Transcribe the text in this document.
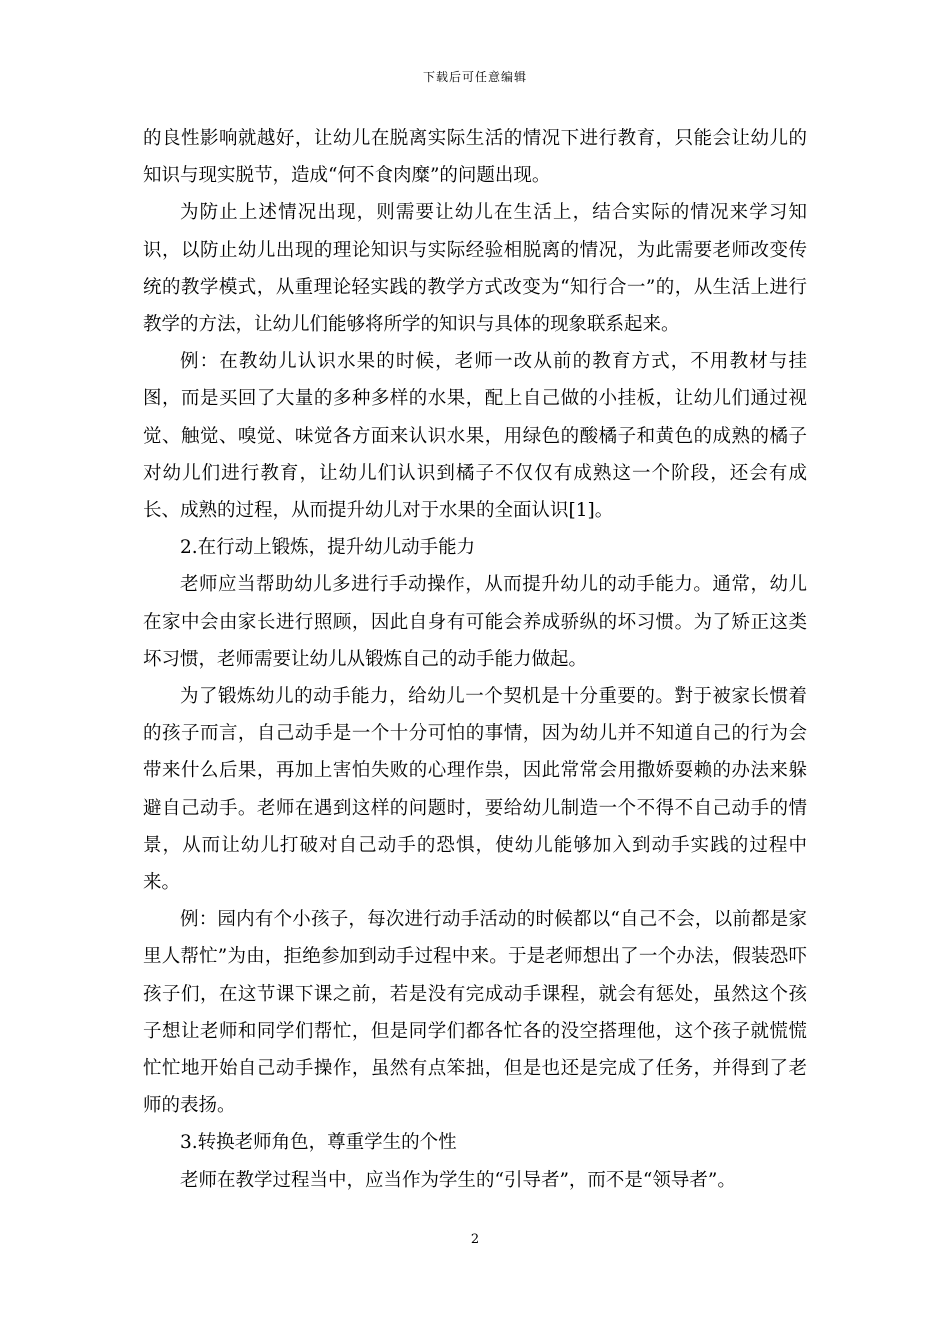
下载后可任意编辑

的良性影响就越好，让幼儿在脱离实际生活的情况下进行教育，只能会让幼儿的知识与现实脱节，造成“何不食肉糜”的问题出现。

为防止上述情况出现，则需要让幼儿在生活上，结合实际的情况来学习知识，以防止幼儿出现的理论知识与实际经验相脱离的情况，为此需要老师改变传统的教学模式，从重理论轻实践的教学方式改变为“知行合一”的，从生活上进行教学的方法，让幼儿们能够将所学的知识与具体的现象联系起来。

例：在教幼儿认识水果的时候，老师一改从前的教育方式，不用教材与挂图，而是买回了大量的多种多样的水果，配上自己做的小挂板，让幼儿们通过视觉、触觉、嗅觉、味觉各方面来认识水果，用绿色的酸橘子和黄色的成熟的橘子对幼儿们进行教育，让幼儿们认识到橘子不仅仅有成熟这一个阶段，还会有成长、成熟的过程，从而提升幼儿对于水果的全面认识[1]。

2.在行动上锻炼，提升幼儿动手能力

老师应当帮助幼儿多进行手动操作，从而提升幼儿的动手能力。通常，幼儿在家中会由家长进行照顾，因此自身有可能会养成骄纵的坏习惯。为了矫正这类坏习惯，老师需要让幼儿从锻炼自己的动手能力做起。

为了锻炼幼儿的动手能力，给幼儿一个契机是十分重要的。對于被家长惯着的孩子而言，自己动手是一个十分可怕的事情，因为幼儿并不知道自己的行为会带来什么后果，再加上害怕失败的心理作祟，因此常常会用撒娇耍赖的办法来躲避自己动手。老师在遇到这样的问题时，要给幼儿制造一个不得不自己动手的情景，从而让幼儿打破对自己动手的恐惧，使幼儿能够加入到动手实践的过程中来。

例：园内有个小孩子，每次进行动手活动的时候都以“自己不会，以前都是家里人帮忙”为由，拒绝参加到动手过程中来。于是老师想出了一个办法，假装恐吓孩子们，在这节课下课之前，若是没有完成动手课程，就会有惩处，虽然这个孩子想让老师和同学们帮忙，但是同学们都各忙各的没空搭理他，这个孩子就慌慌忙忙地开始自己动手操作，虽然有点笨拙，但是也还是完成了任务，并得到了老师的表扬。

3.转换老师角色，尊重学生的个性

老师在教学过程当中，应当作为学生的“引导者”，而不是“领导者”。

2
